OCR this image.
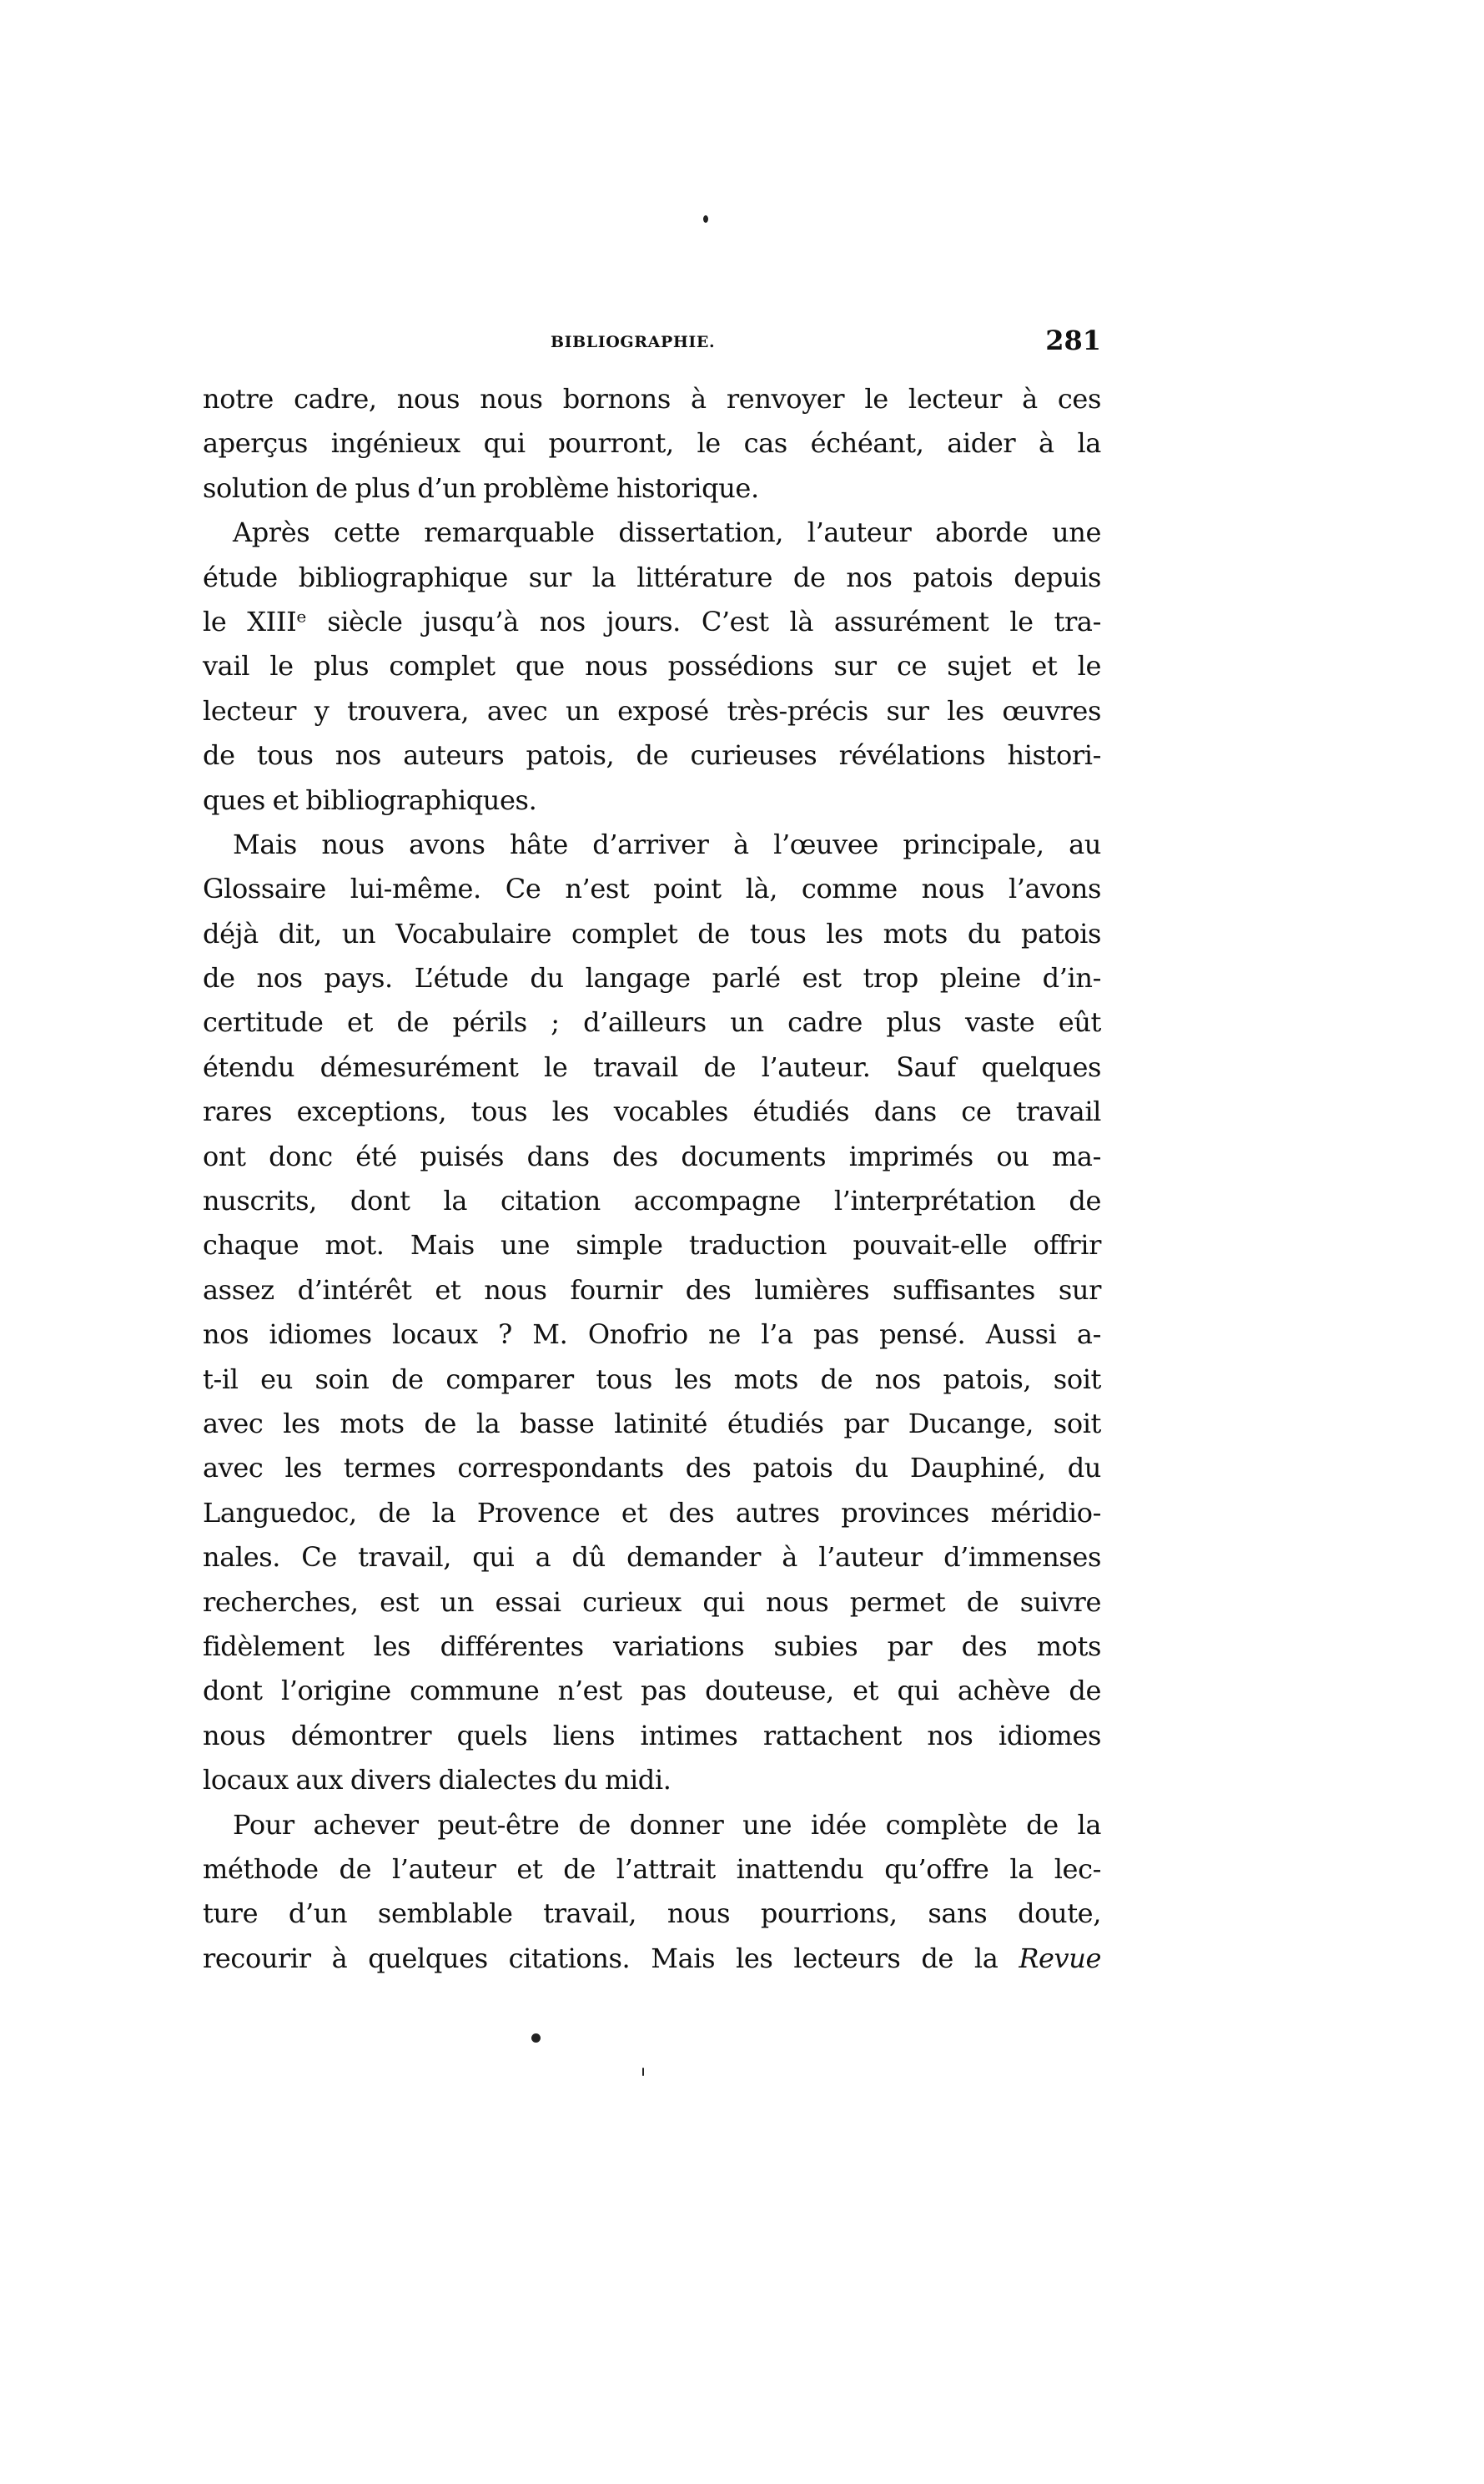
BIBLIOGRAPHIE.	281
notre cadre, nous nous bornons à renvoyer le lecteur à ces
aperçus ingénieux qui pourront, le cas échéant, aider à la
solution de plus d’un problème historique.
Après cette remarquable dissertation, l’auteur aborde une
étude bibliographique sur la littérature de nos patois depuis
le XIIIᵉ siècle jusqu’à nos jours. C’est là assurément le tra-
vail le plus complet que nous possédions sur ce sujet et le
lecteur y trouvera, avec un exposé très-précis sur les œuvres
de tous nos auteurs patois, de curieuses révélations histori-
ques et bibliographiques.
Mais nous avons hâte d’arriver à l’œuvee principale, au
Glossaire lui-même. Ce n’est point là, comme nous l’avons
déjà dit, un Vocabulaire complet de tous les mots du patois
de nos pays. L’étude du langage parlé est trop pleine d’in-
certitude et de périls ; d’ailleurs un cadre plus vaste eût
étendu démesurément le travail de l’auteur. Sauf quelques
rares exceptions, tous les vocables étudiés dans ce travail
ont donc été puisés dans des documents imprimés ou ma-
nuscrits, dont la citation accompagne l’interprétation de
chaque mot. Mais une simple traduction pouvait-elle offrir
assez d’intérêt et nous fournir des lumières suffisantes sur
nos idiomes locaux ? M. Onofrio ne l’a pas pensé. Aussi a-
t-il eu soin de comparer tous les mots de nos patois, soit
avec les mots de la basse latinité étudiés par Ducange, soit
avec les termes correspondants des patois du Dauphiné, du
Languedoc, de la Provence et des autres provinces méridio-
nales. Ce travail, qui a dû demander à l’auteur d’immenses
recherches, est un essai curieux qui nous permet de suivre
fidèlement les différentes variations subies par des mots
dont l’origine commune n’est pas douteuse, et qui achève de
nous démontrer quels liens intimes rattachent nos idiomes
locaux aux divers dialectes du midi.
Pour achever peut-être de donner une idée complète de la
méthode de l’auteur et de l’attrait inattendu qu’offre la lec-
ture d’un semblable travail, nous pourrions, sans doute,
recourir à quelques citations. Mais les lecteurs de la Revue
